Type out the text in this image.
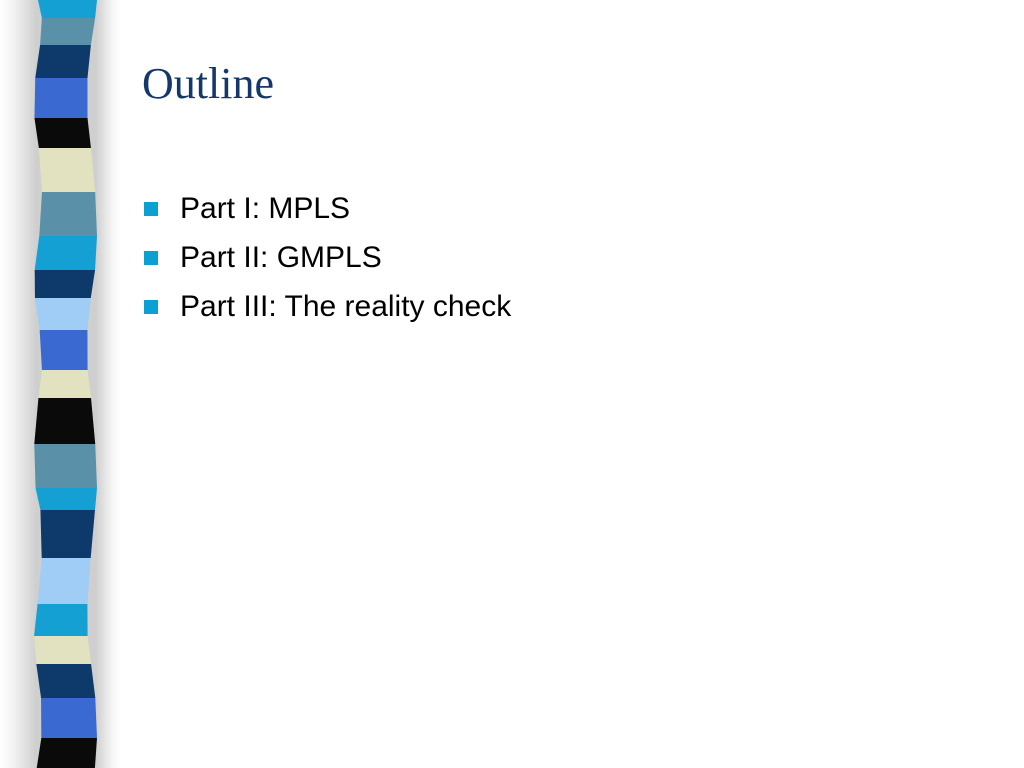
Outline
Part I: MPLS
Part II: GMPLS
Part III: The reality check
